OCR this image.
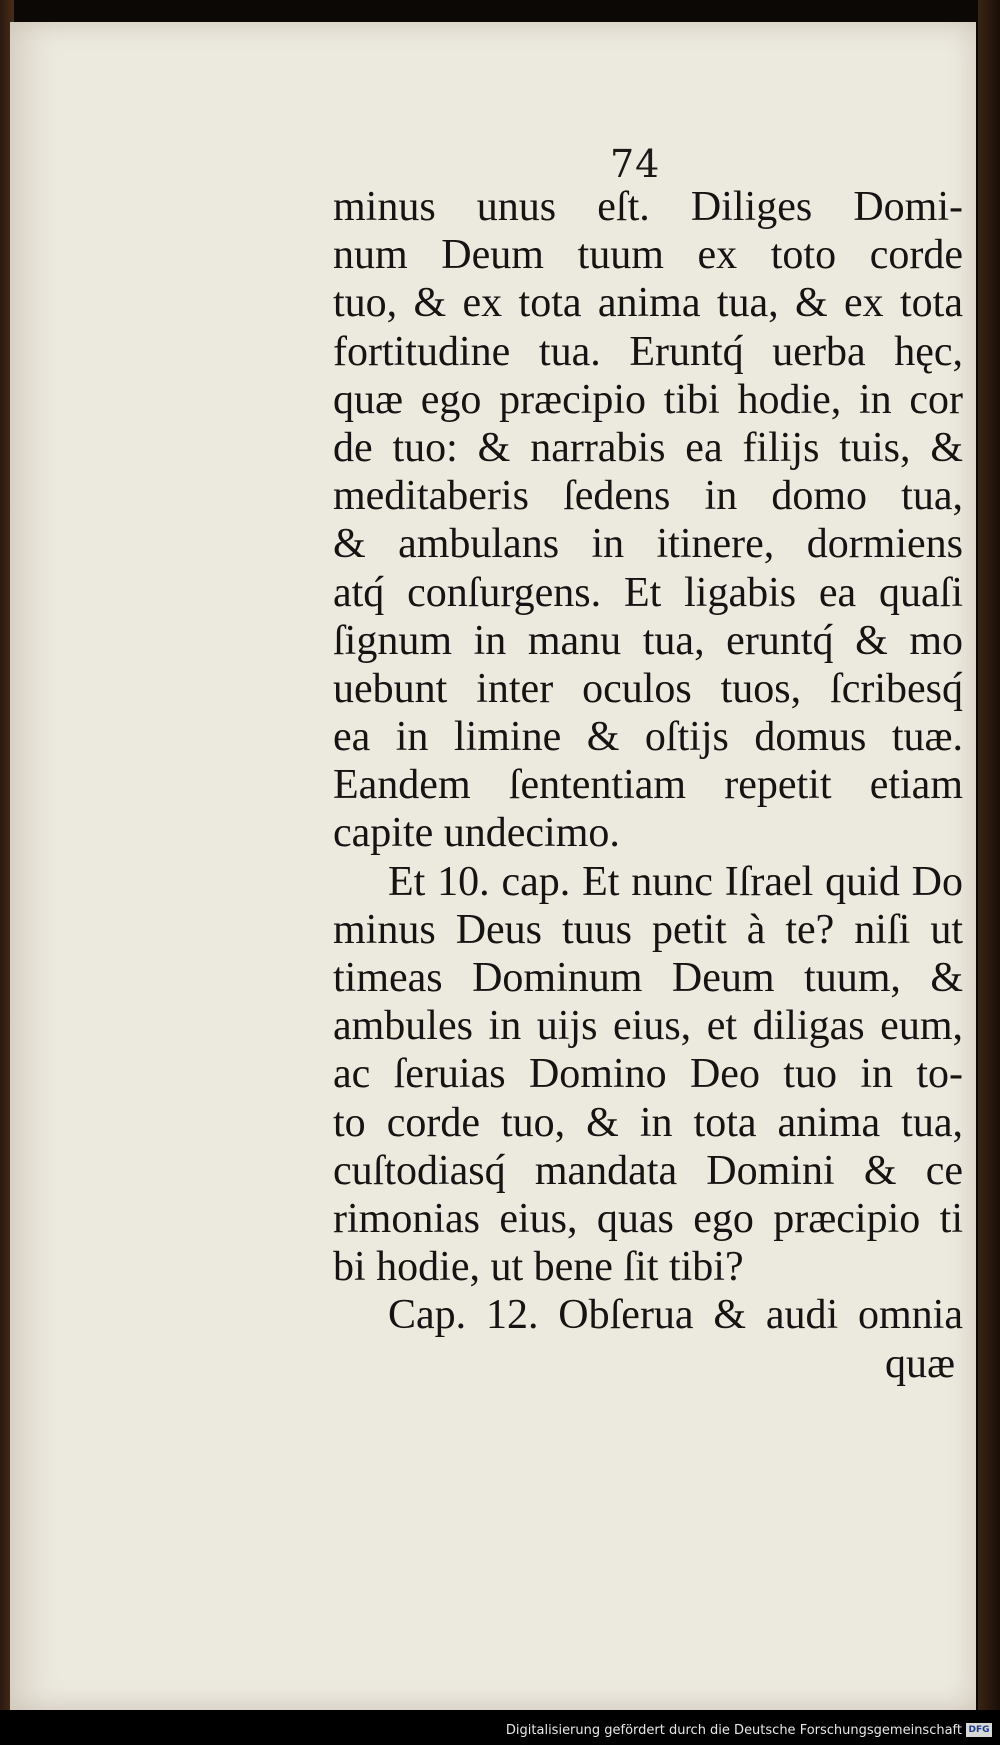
74
minus unus eſt. Diliges Domi-
num Deum tuum ex toto corde
tuo, & ex tota anima tua, & ex tota
fortitudine tua. Eruntq́ uerba hęc,
quæ ego præcipio tibi hodie, in cor
de tuo: & narrabis ea filijs tuis, &
meditaberis ſedens in domo tua,
& ambulans in itinere, dormiens
atq́ conſurgens. Et ligabis ea quaſi
ſignum in manu tua, eruntq́ & mo
uebunt inter oculos tuos, ſcribesq́
ea in limine & oſtijs domus tuæ.
Eandem ſententiam repetit etiam
capite undecimo.
Et 10. cap. Et nunc Iſrael quid Do
minus Deus tuus petit à te? niſi ut
timeas Dominum Deum tuum, &
ambules in uijs eius, et diligas eum,
ac ſeruias Domino Deo tuo in to-
to corde tuo, & in tota anima tua,
cuſtodiasq́ mandata Domini & ce
rimonias eius, quas ego præcipio ti
bi hodie, ut bene ſit tibi?
Cap. 12. Obſerua & audi omnia
quæ
Digitalisierung gefördert durch die Deutsche Forschungsgemeinschaft DFG
